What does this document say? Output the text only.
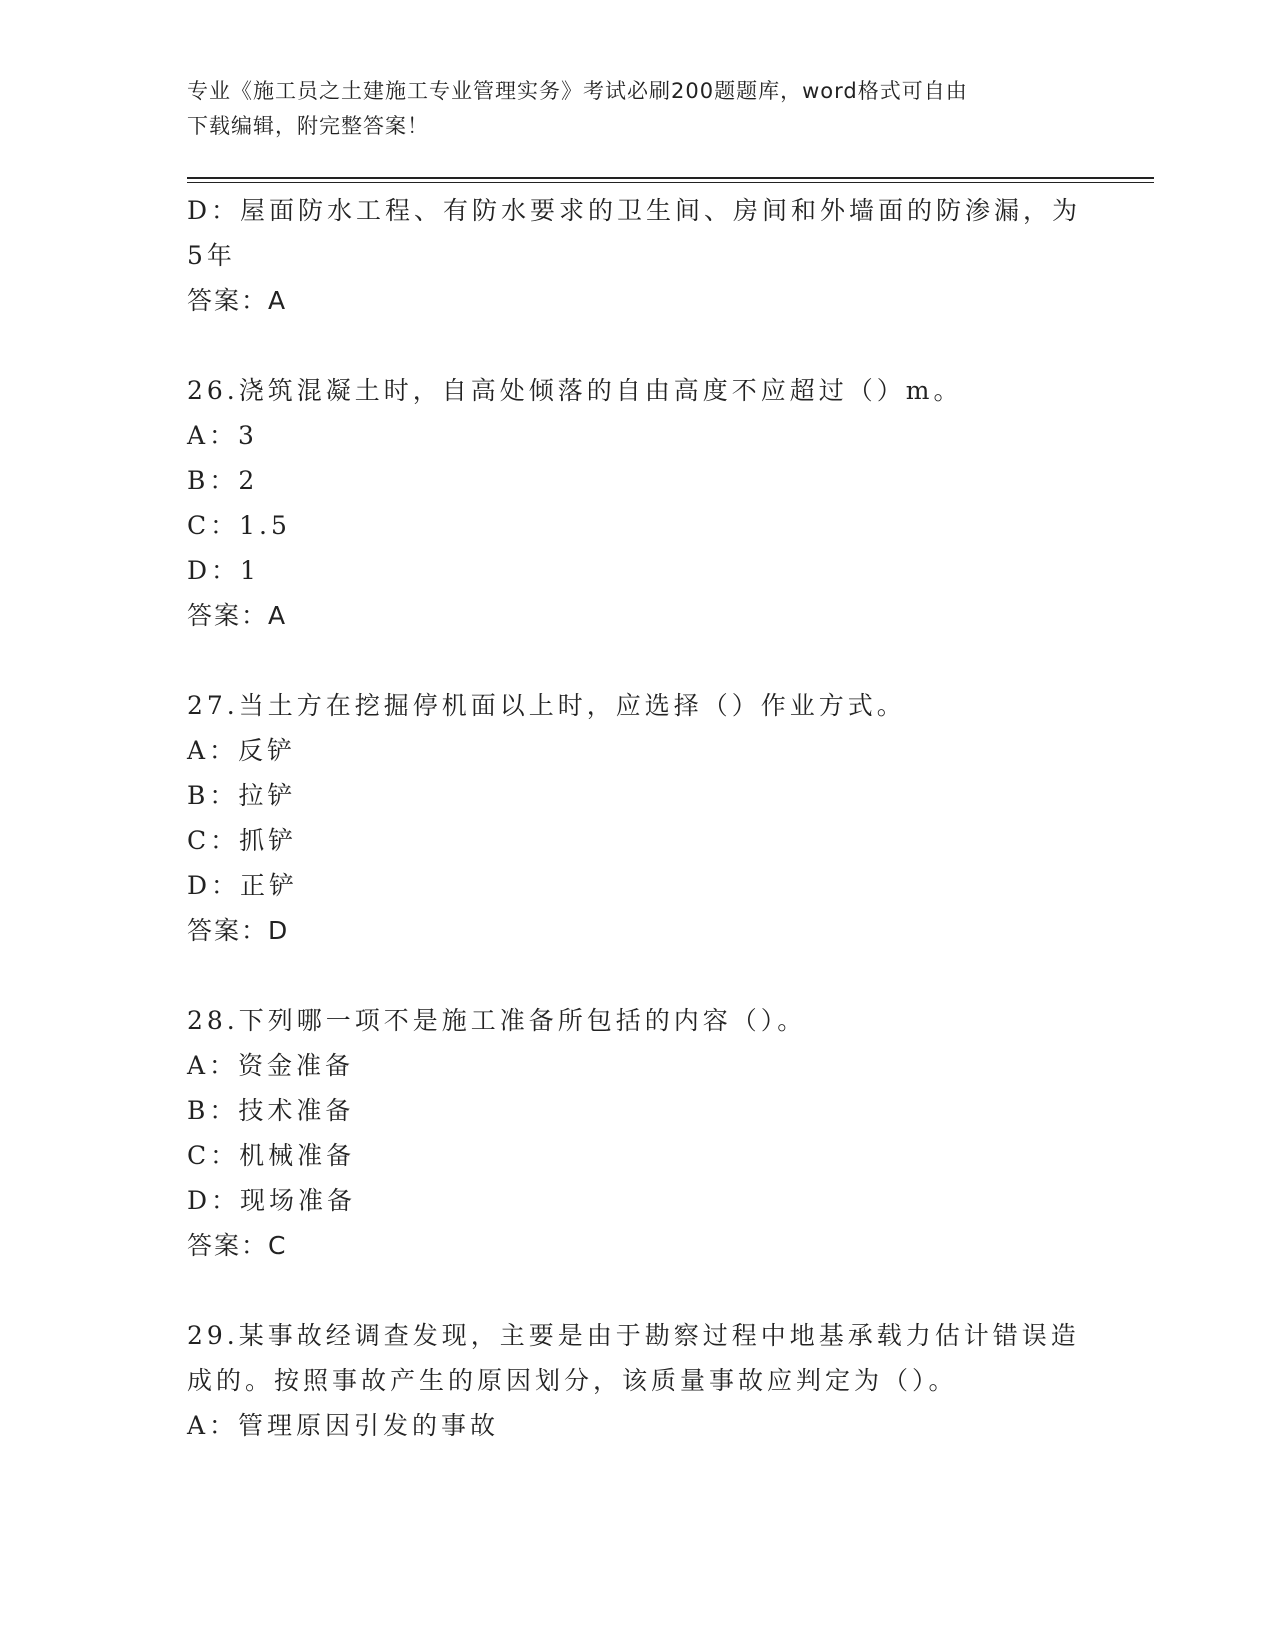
专业《施工员之土建施工专业管理实务》考试必刷200题题库，word格式可自由
下载编辑，附完整答案！
D：屋面防水工程、有防水要求的卫生间、房间和外墙面的防渗漏，为
5年
答案：A
26.浇筑混凝土时，自高处倾落的自由高度不应超过（）m。
A：3
B：2
C：1.5
D：1
答案：A
27.当土方在挖掘停机面以上时，应选择（）作业方式。
A：反铲
B：拉铲
C：抓铲
D：正铲
答案：D
28.下列哪一项不是施工准备所包括的内容（）。
A：资金准备
B：技术准备
C：机械准备
D：现场准备
答案：C
29.某事故经调查发现，主要是由于勘察过程中地基承载力估计错误造
成的。按照事故产生的原因划分，该质量事故应判定为（）。
A：管理原因引发的事故
